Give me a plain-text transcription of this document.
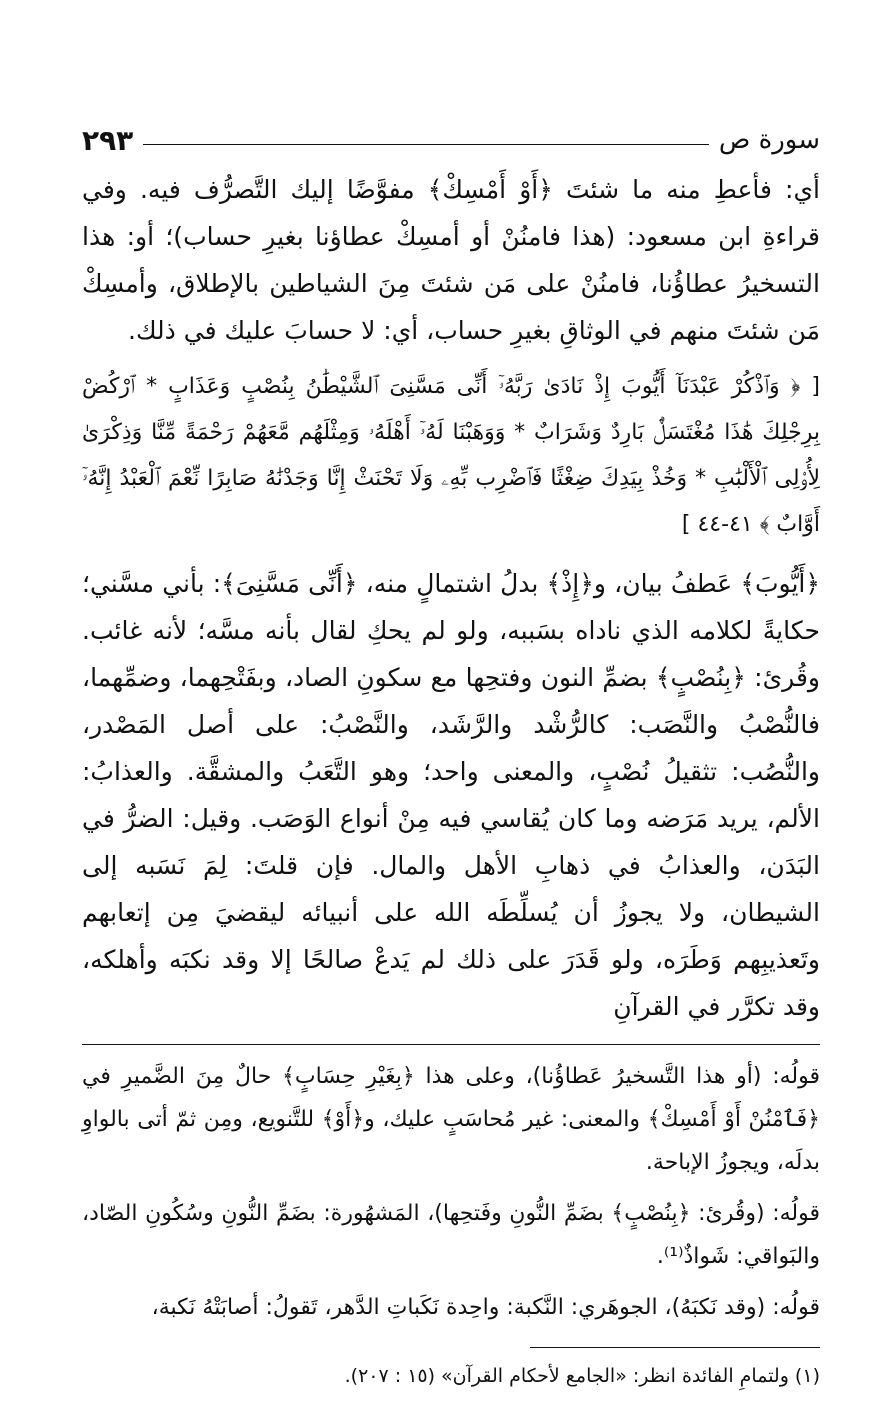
سورة ص
٢٩٣

أي: فأعطِ منه ما شئتَ ﴿أَوْ أَمْسِكْ﴾ مفوَّضًا إليك التَّصرُّف فيه. وفي قراءةِ ابن مسعود: (هذا فامنُنْ أو أمسِكْ عطاؤنا بغيرِ حساب)؛ أو: هذا التسخيرُ عطاؤُنا، فامنُنْ على مَن شئتَ مِنَ الشياطين بالإطلاق، وأمسِكْ مَن شئتَ منهم في الوثاقِ بغيرِ حساب، أي: لا حسابَ عليك في ذلك.

[ ﴿ وَٱذْكُرْ عَبْدَنَآ أَيُّوبَ إِذْ نَادَىٰ رَبَّهُۥٓ أَنِّى مَسَّنِىَ ٱلشَّيْطَٰنُ بِنُصْبٍ وَعَذَابٍ * ٱرْكُضْ بِرِجْلِكَ هَٰذَا مُغْتَسَلٌۢ بَارِدٌ وَشَرَابٌ * وَوَهَبْنَا لَهُۥٓ أَهْلَهُۥ وَمِثْلَهُم مَّعَهُمْ رَحْمَةً مِّنَّا وَذِكْرَىٰ لِأُو۟لِى ٱلْأَلْبَٰبِ * وَخُذْ بِيَدِكَ ضِغْثًا فَٱضْرِب بِّهِۦ وَلَا تَحْنَثْ إِنَّا وَجَدْنَٰهُ صَابِرًا نِّعْمَ ٱلْعَبْدُ إِنَّهُۥٓ أَوَّابٌ ﴾ ٤١-٤٤ ]

﴿أَيُّوبَ﴾ عَطفُ بيان، و﴿إِذْ﴾ بدلُ اشتمالٍ منه، ﴿أَنِّى مَسَّنِىَ﴾: بأني مسَّني؛ حكايةً لكلامه الذي ناداه بسَببه، ولو لم يحكِ لقال بأنه مسَّه؛ لأنه غائب. وقُرئ: ﴿بِنُصْبٍ﴾ بضمِّ النون وفتحِها مع سكونِ الصاد، وبفَتْحِهما، وضمِّهما، فالنُّصْبُ والنَّصَب: كالرُّشْد والرَّشَد، والنَّصْبُ: على أصل المَصْدر، والنُّصُب: تثقيلُ نُصْبٍ، والمعنى واحد؛ وهو التَّعَبُ والمشقَّة. والعذابُ: الألم، يريد مَرَضه وما كان يُقاسي فيه مِنْ أنواع الوَصَب. وقيل: الضرُّ في البَدَن، والعذابُ في ذهابِ الأهل والمال. فإن قلتَ: لِمَ نَسَبه إلى الشيطان، ولا يجوزُ أن يُسلِّطَه الله على أنبيائه ليقضيَ مِن إتعابهم وتَعذيبِهم وَطَرَه، ولو قَدَرَ على ذلك لم يَدعْ صالحًا إلا وقد نكبَه وأهلكه، وقد تكرَّر في القرآنِ

قولُه: (أو هذا التَّسخيرُ عَطاؤُنا)، وعلى هذا ﴿بِغَيْرِ حِسَابٍ﴾ حالٌ مِنَ الضَّميرِ في ﴿فَٱمْنُنْ أَوْ أَمْسِكْ﴾ والمعنى: غير مُحاسَبٍ عليك، و﴿أَوْ﴾ للتَّنويع، ومِن ثمّ أتى بالواوِ بدلَه، ويجوزُ الإباحة.

قولُه: (وقُرئ: ﴿بِنُصْبٍ﴾ بضَمِّ النُّونِ وفَتحِها)، المَشهُورة: بضَمِّ النُّونِ وسُكُونِ الصّاد، والبَواقي: شَواذٌ⁽¹⁾.

قولُه: (وقد نَكبَهُ)، الجوهَري: النَّكبة: واحِدة نَكَباتِ الدَّهر، تَقولُ: أصابَتْهُ نَكبة،

(١) ولتمامِ الفائدة انظر: «الجامع لأحكام القرآن» (١٥ : ٢٠٧).
